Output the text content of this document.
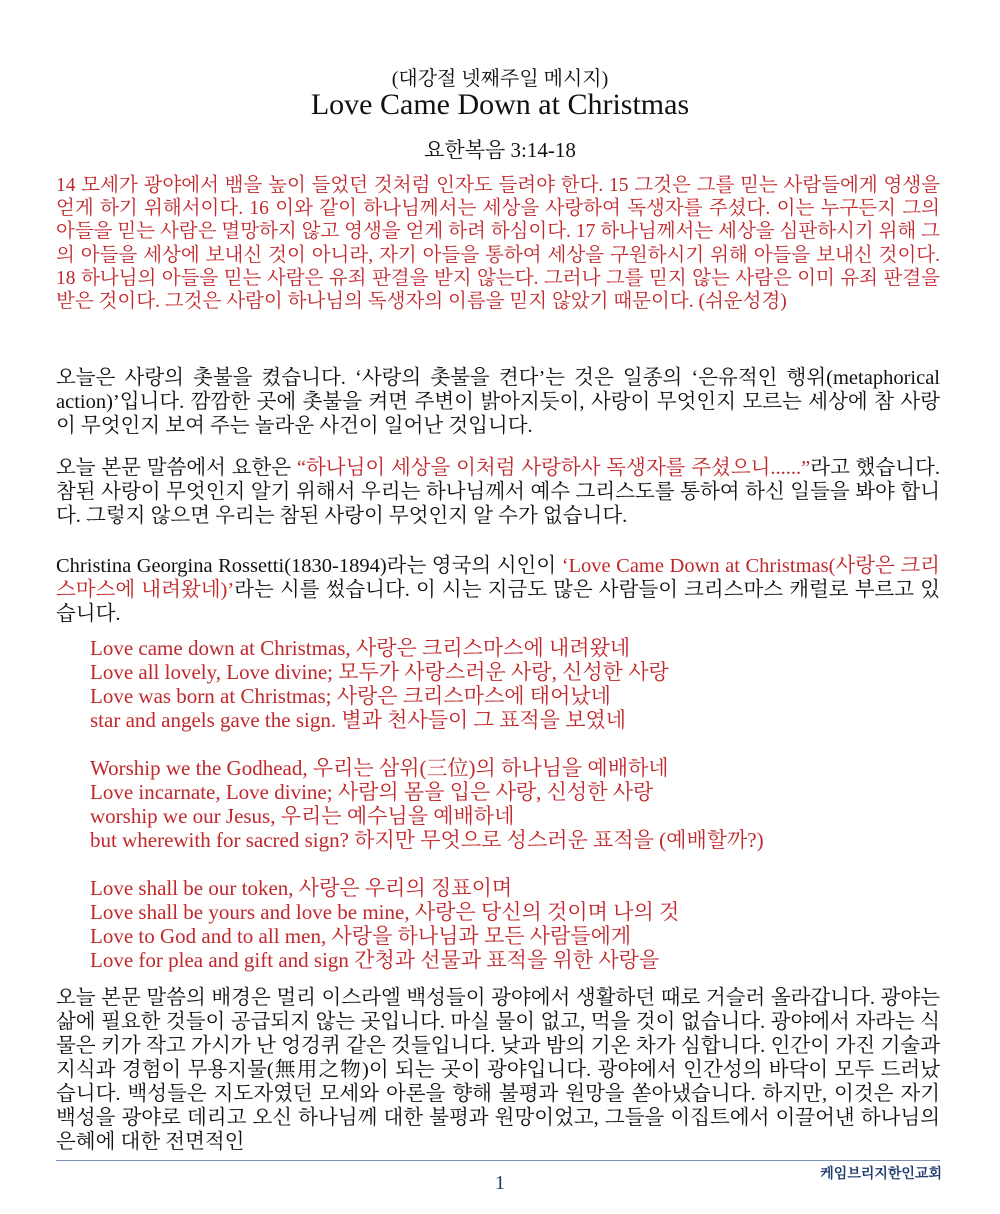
(대강절 넷째주일 메시지)
Love Came Down at Christmas
요한복음 3:14-18
14 모세가 광야에서 뱀을 높이 들었던 것처럼 인자도 들려야 한다. 15 그것은 그를 믿는 사람들에게 영생을 얻게 하기 위해서이다. 16 이와 같이 하나님께서는 세상을 사랑하여 독생자를 주셨다. 이는 누구든지 그의 아들을 믿는 사람은 멸망하지 않고 영생을 얻게 하려 하심이다. 17 하나님께서는 세상을 심판하시기 위해 그의 아들을 세상에 보내신 것이 아니라, 자기 아들을 통하여 세상을 구원하시기 위해 아들을 보내신 것이다. 18 하나님의 아들을 믿는 사람은 유죄 판결을 받지 않는다. 그러나 그를 믿지 않는 사람은 이미 유죄 판결을 받은 것이다. 그것은 사람이 하나님의 독생자의 이름을 믿지 않았기 때문이다. (쉬운성경)
오늘은 사랑의 촛불을 켰습니다. ‘사랑의 촛불을 켠다’는 것은 일종의 ‘은유적인 행위(metaphorical action)’입니다. 깜깜한 곳에 촛불을 켜면 주변이 밝아지듯이, 사랑이 무엇인지 모르는 세상에 참 사랑이 무엇인지 보여 주는 놀라운 사건이 일어난 것입니다.
오늘 본문 말씀에서 요한은 “하나님이 세상을 이처럼 사랑하사 독생자를 주셨으니......”라고 했습니다. 참된 사랑이 무엇인지 알기 위해서 우리는 하나님께서 예수 그리스도를 통하여 하신 일들을 봐야 합니다. 그렇지 않으면 우리는 참된 사랑이 무엇인지 알 수가 없습니다.
Christina Georgina Rossetti(1830-1894)라는 영국의 시인이 ‘Love Came Down at Christmas(사랑은 크리스마스에 내려왔네)’라는 시를 썼습니다. 이 시는 지금도 많은 사람들이 크리스마스 캐럴로 부르고 있습니다.
Love came down at Christmas, 사랑은 크리스마스에 내려왔네
Love all lovely, Love divine; 모두가 사랑스러운 사랑, 신성한 사랑
Love was born at Christmas; 사랑은 크리스마스에 태어났네
star and angels gave the sign. 별과 천사들이 그 표적을 보였네
Worship we the Godhead, 우리는 삼위(三位)의 하나님을 예배하네
Love incarnate, Love divine; 사람의 몸을 입은 사랑, 신성한 사랑
worship we our Jesus, 우리는 예수님을 예배하네
but wherewith for sacred sign? 하지만 무엇으로 성스러운 표적을 (예배할까?)
Love shall be our token, 사랑은 우리의 징표이며
Love shall be yours and love be mine, 사랑은 당신의 것이며 나의 것
Love to God and to all men, 사랑을 하나님과 모든 사람들에게
Love for plea and gift and sign 간청과 선물과 표적을 위한 사랑을
오늘 본문 말씀의 배경은 멀리 이스라엘 백성들이 광야에서 생활하던 때로 거슬러 올라갑니다. 광야는 삶에 필요한 것들이 공급되지 않는 곳입니다. 마실 물이 없고, 먹을 것이 없습니다. 광야에서 자라는 식물은 키가 작고 가시가 난 엉겅퀴 같은 것들입니다. 낮과 밤의 기온 차가 심합니다. 인간이 가진 기술과 지식과 경험이 무용지물(無用之物)이 되는 곳이 광야입니다. 광야에서 인간성의 바닥이 모두 드러났습니다. 백성들은 지도자였던 모세와 아론을 향해 불평과 원망을 쏟아냈습니다. 하지만, 이것은 자기 백성을 광야로 데리고 오신 하나님께 대한 불평과 원망이었고, 그들을 이집트에서 이끌어낸 하나님의 은혜에 대한 전면적인
케임브리지한인교회
1
